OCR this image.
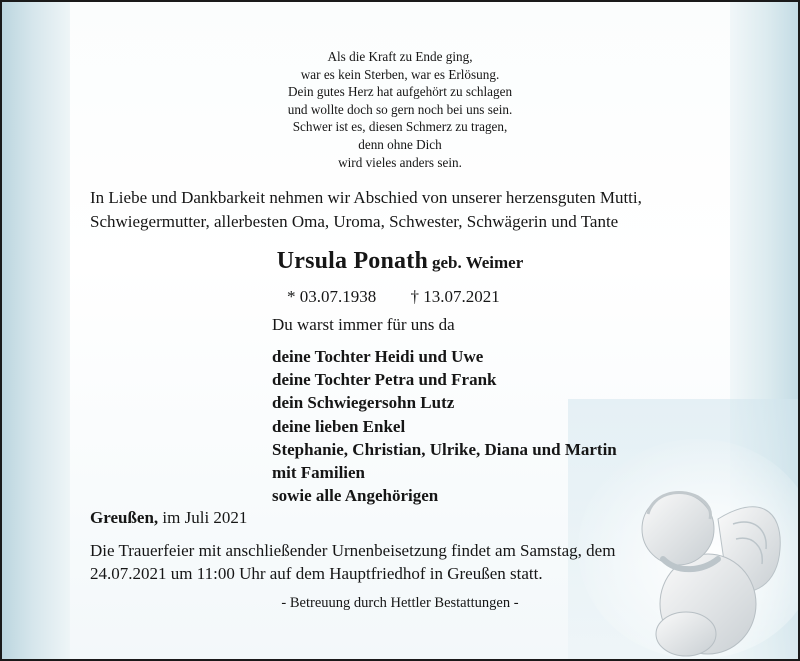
Als die Kraft zu Ende ging,
war es kein Sterben, war es Erlösung.
Dein gutes Herz hat aufgehört zu schlagen
und wollte doch so gern noch bei uns sein.
Schwer ist es, diesen Schmerz zu tragen,
denn ohne Dich
wird vieles anders sein.
In Liebe und Dankbarkeit nehmen wir Abschied von unserer herzensguten Mutti,
Schwiegermutter, allerbesten Oma, Uroma, Schwester, Schwägerin und Tante
Ursula Ponath geb. Weimer
* 03.07.1938 † 13.07.2021
Du warst immer für uns da
deine Tochter Heidi und Uwe
deine Tochter Petra und Frank
dein Schwiegersohn Lutz
deine lieben Enkel
Stephanie, Christian, Ulrike, Diana und Martin
mit Familien
sowie alle Angehörigen
Greußen, im Juli 2021
Die Trauerfeier mit anschließender Urnenbeisetzung findet am Samstag, dem
24.07.2021 um 11:00 Uhr auf dem Hauptfriedhof in Greußen statt.
- Betreuung durch Hettler Bestattungen -
